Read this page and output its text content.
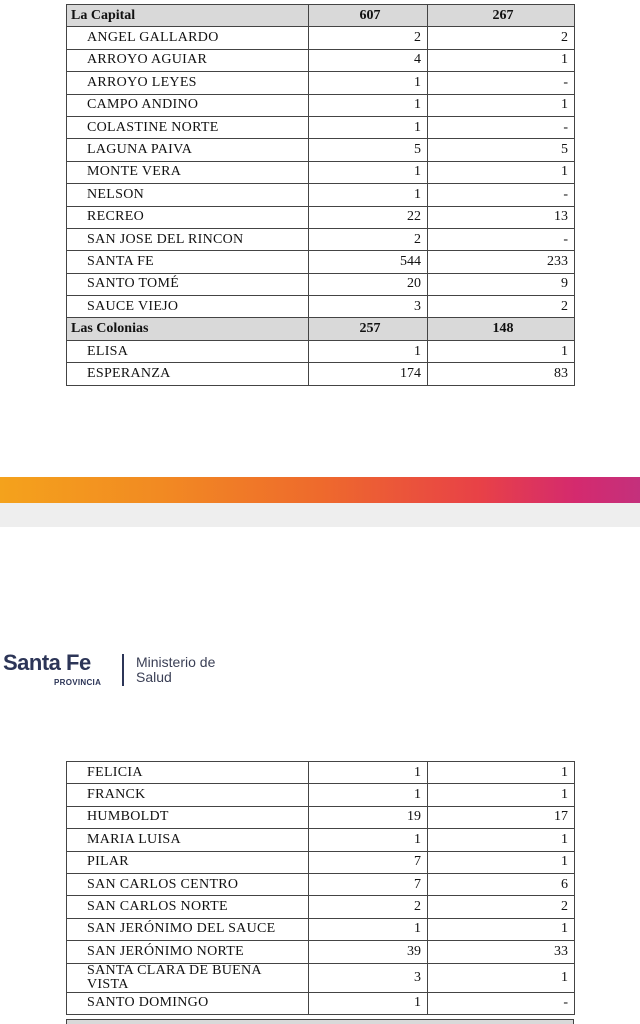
La Capital	607	267
ANGEL GALLARDO	2	2
ARROYO AGUIAR	4	1
ARROYO LEYES	1	-
CAMPO ANDINO	1	1
COLASTINE NORTE	1	-
LAGUNA PAIVA	5	5
MONTE VERA	1	1
NELSON	1	-
RECREO	22	13
SAN JOSE DEL RINCON	2	-
SANTA FE	544	233
SANTO TOMÉ	20	9
SAUCE VIEJO	3	2
Las Colonias	257	148
ELISA	1	1
ESPERANZA	174	83
Santa Fe
PROVINCIA
Ministerio de
Salud
FELICIA	1	1
FRANCK	1	1
HUMBOLDT	19	17
MARIA LUISA	1	1
PILAR	7	1
SAN CARLOS CENTRO	7	6
SAN CARLOS NORTE	2	2
SAN JERÓNIMO DEL SAUCE	1	1
SAN JERÓNIMO NORTE	39	33
SANTA CLARA DE BUENA VISTA	3	1
SANTO DOMINGO	1	-
